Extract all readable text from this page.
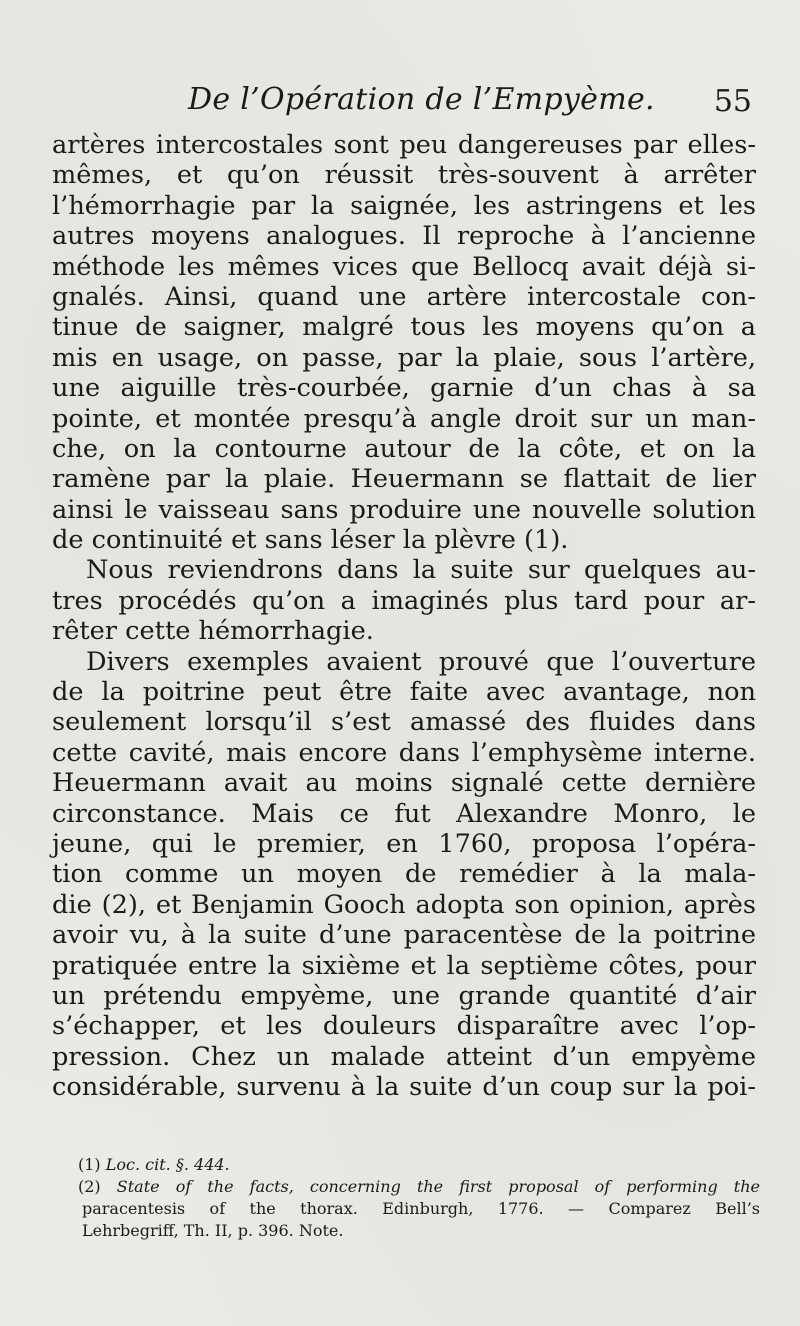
De l’Opération de l’Empyème. 55
artères intercostales sont peu dangereuses par elles-
mêmes, et qu’on réussit très-souvent à arrêter
l’hémorrhagie par la saignée, les astringens et les
autres moyens analogues. Il reproche à l’ancienne
méthode les mêmes vices que Bellocq avait déjà si-
gnalés. Ainsi, quand une artère intercostale con-
tinue de saigner, malgré tous les moyens qu’on a
mis en usage, on passe, par la plaie, sous l’artère,
une aiguille très-courbée, garnie d’un chas à sa
pointe, et montée presqu’à angle droit sur un man-
che, on la contourne autour de la côte, et on la
ramène par la plaie. Heuermann se flattait de lier
ainsi le vaisseau sans produire une nouvelle solution
de continuité et sans léser la plèvre (1).
Nous reviendrons dans la suite sur quelques au-
tres procédés qu’on a imaginés plus tard pour ar-
rêter cette hémorrhagie.
Divers exemples avaient prouvé que l’ouverture
de la poitrine peut être faite avec avantage, non
seulement lorsqu’il s’est amassé des fluides dans
cette cavité, mais encore dans l’emphysème interne.
Heuermann avait au moins signalé cette dernière
circonstance. Mais ce fut Alexandre Monro, le
jeune, qui le premier, en 1760, proposa l’opéra-
tion comme un moyen de remédier à la mala-
die (2), et Benjamin Gooch adopta son opinion, après
avoir vu, à la suite d’une paracentèse de la poitrine
pratiquée entre la sixième et la septième côtes, pour
un prétendu empyème, une grande quantité d’air
s’échapper, et les douleurs disparaître avec l’op-
pression. Chez un malade atteint d’un empyème
considérable, survenu à la suite d’un coup sur la poi-
(1) Loc. cit. §. 444.
(2) State of the facts, concerning the first proposal of performing the
paracentesis of the thorax. Edinburgh, 1776. — Comparez Bell’s
Lehrbegriff, Th. II, p. 396. Note.
